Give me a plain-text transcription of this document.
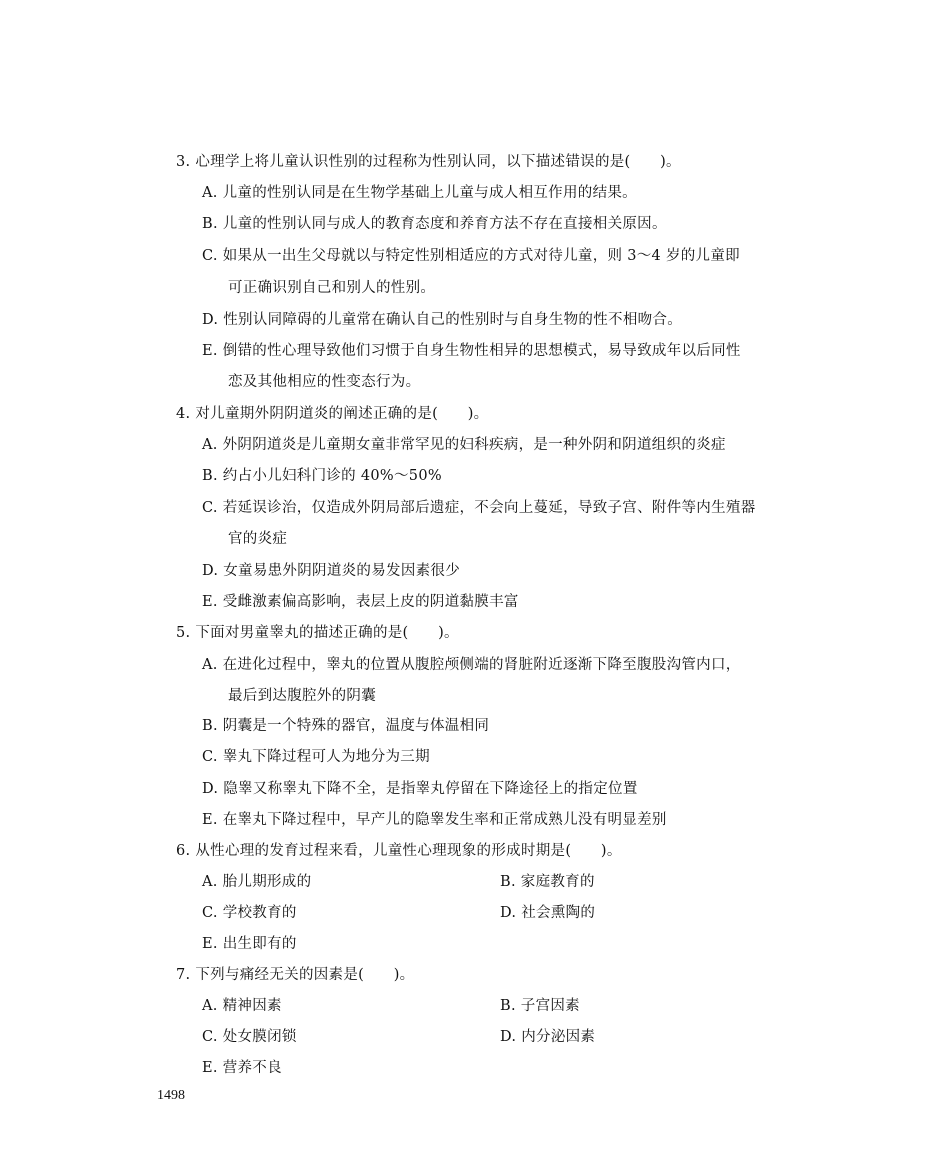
3. 心理学上将儿童认识性别的过程称为性别认同，以下描述错误的是(　　)。
A. 儿童的性别认同是在生物学基础上儿童与成人相互作用的结果。
B. 儿童的性别认同与成人的教育态度和养育方法不存在直接相关原因。
C. 如果从一出生父母就以与特定性别相适应的方式对待儿童，则 3～4 岁的儿童即
可正确识别自己和别人的性别。
D. 性别认同障碍的儿童常在确认自己的性别时与自身生物的性不相吻合。
E. 倒错的性心理导致他们习惯于自身生物性相异的思想模式，易导致成年以后同性
恋及其他相应的性变态行为。
4. 对儿童期外阴阴道炎的阐述正确的是(　　)。
A. 外阴阴道炎是儿童期女童非常罕见的妇科疾病，是一种外阴和阴道组织的炎症
B. 约占小儿妇科门诊的 40%～50%
C. 若延误诊治，仅造成外阴局部后遗症，不会向上蔓延，导致子宫、附件等内生殖器
官的炎症
D. 女童易患外阴阴道炎的易发因素很少
E. 受雌激素偏高影响，表层上皮的阴道黏膜丰富
5. 下面对男童睾丸的描述正确的是(　　)。
A. 在进化过程中，睾丸的位置从腹腔颅侧端的肾脏附近逐渐下降至腹股沟管内口，
最后到达腹腔外的阴囊
B. 阴囊是一个特殊的器官，温度与体温相同
C. 睾丸下降过程可人为地分为三期
D. 隐睾又称睾丸下降不全，是指睾丸停留在下降途径上的指定位置
E. 在睾丸下降过程中，早产儿的隐睾发生率和正常成熟儿没有明显差别
6. 从性心理的发育过程来看，儿童性心理现象的形成时期是(　　)。
A. 胎儿期形成的	B. 家庭教育的
C. 学校教育的	D. 社会熏陶的
E. 出生即有的
7. 下列与痛经无关的因素是(　　)。
A. 精神因素	B. 子宫因素
C. 处女膜闭锁	D. 内分泌因素
E. 营养不良
1498
